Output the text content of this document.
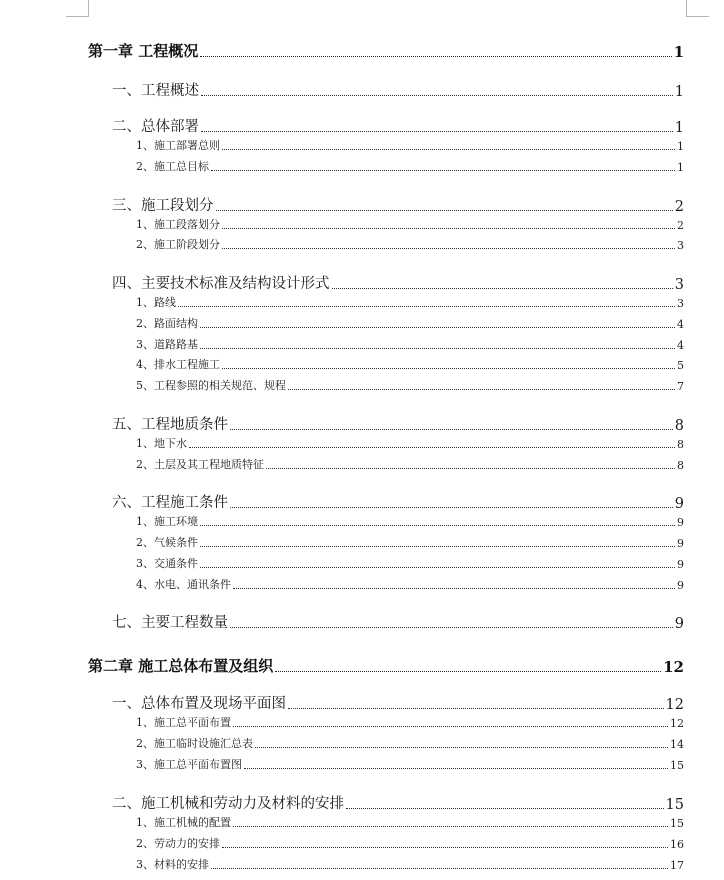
第一章 工程概况	1
一、工程概述	1
二、总体部署	1
1、施工部署总则	1
2、施工总目标	1
三、施工段划分	2
1、施工段落划分	2
2、施工阶段划分	3
四、主要技术标准及结构设计形式	3
1、路线	3
2、路面结构	4
3、道路路基	4
4、排水工程施工	5
5、工程参照的相关规范、规程	7
五、工程地质条件	8
1、地下水	8
2、土层及其工程地质特征	8
六、工程施工条件	9
1、施工环境	9
2、气候条件	9
3、交通条件	9
4、水电、通讯条件	9
七、主要工程数量	9
第二章 施工总体布置及组织	12
一、总体布置及现场平面图	12
1、施工总平面布置	12
2、施工临时设施汇总表	14
3、施工总平面布置图	15
二、施工机械和劳动力及材料的安排	15
1、施工机械的配置	15
2、劳动力的安排	16
3、材料的安排	17
